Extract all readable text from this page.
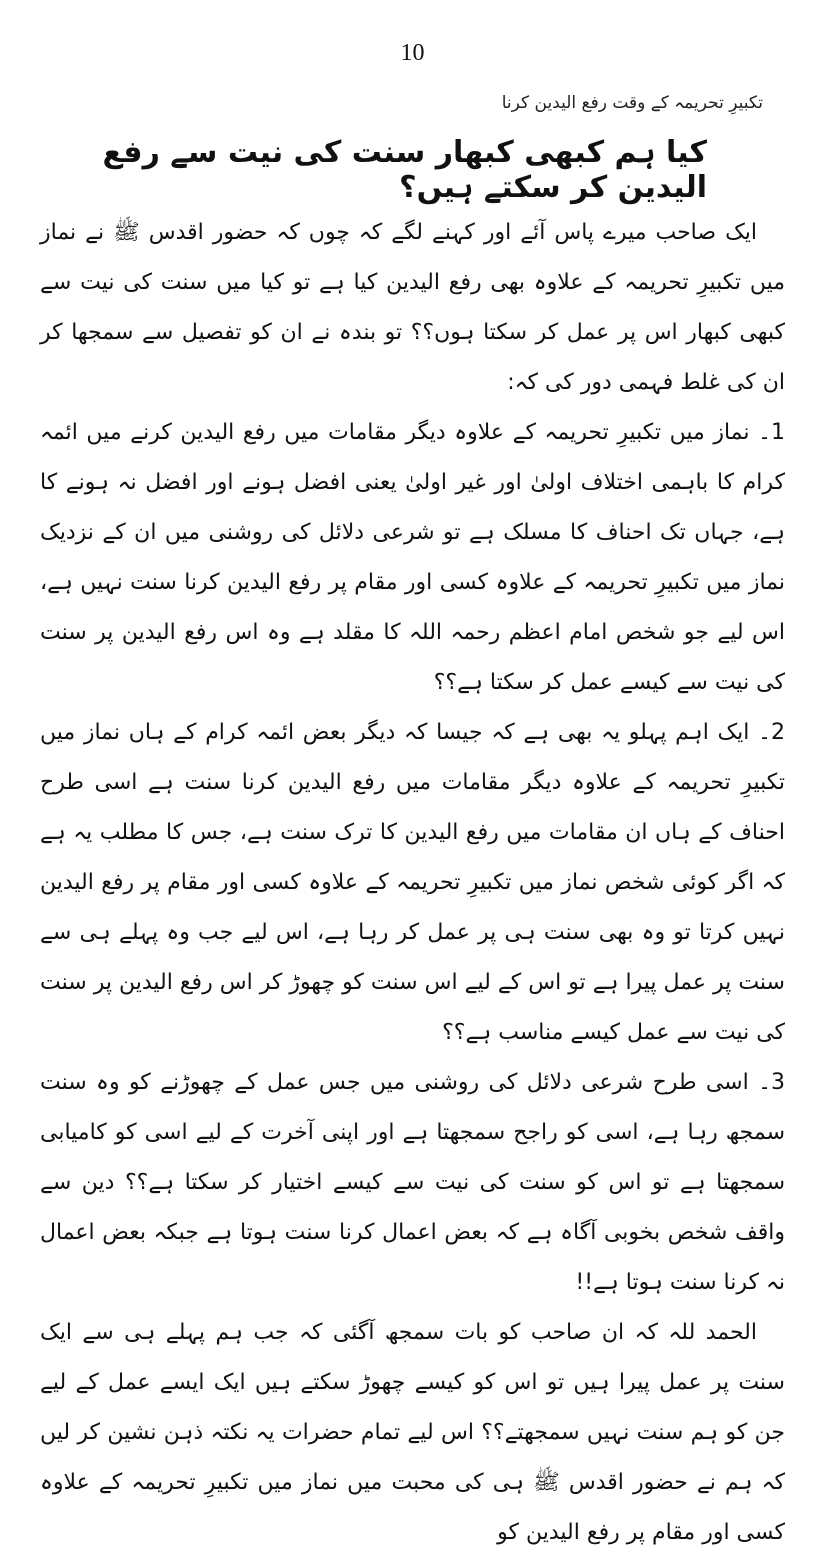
10
تکبیرِ تحریمہ کے وقت رفع الیدین کرنا
کیا ہم کبھی کبھار سنت کی نیت سے رفع الیدین کر سکتے ہیں؟

ایک صاحب میرے پاس آئے اور کہنے لگے کہ چوں کہ حضور اقدس ﷺ نے نماز میں تکبیرِ تحریمہ کے علاوہ بھی رفع الیدین کیا ہے تو کیا میں سنت کی نیت سے کبھی کبھار اس پر عمل کر سکتا ہوں؟؟ تو بندہ نے ان کو تفصیل سے سمجھا کر ان کی غلط فہمی دور کی کہ:

1۔ نماز میں تکبیرِ تحریمہ کے علاوہ دیگر مقامات میں رفع الیدین کرنے میں ائمہ کرام کا باہمی اختلاف اولیٰ اور غیر اولیٰ یعنی افضل ہونے اور افضل نہ ہونے کا ہے، جہاں تک احناف کا مسلک ہے تو شرعی دلائل کی روشنی میں ان کے نزدیک نماز میں تکبیرِ تحریمہ کے علاوہ کسی اور مقام پر رفع الیدین کرنا سنت نہیں ہے، اس لیے جو شخص امام اعظم رحمہ اللہ کا مقلد ہے وہ اس رفع الیدین پر سنت کی نیت سے کیسے عمل کر سکتا ہے؟؟

2۔ ایک اہم پہلو یہ بھی ہے کہ جیسا کہ دیگر بعض ائمہ کرام کے ہاں نماز میں تکبیرِ تحریمہ کے علاوہ دیگر مقامات میں رفع الیدین کرنا سنت ہے اسی طرح احناف کے ہاں ان مقامات میں رفع الیدین کا ترک سنت ہے، جس کا مطلب یہ ہے کہ اگر کوئی شخص نماز میں تکبیرِ تحریمہ کے علاوہ کسی اور مقام پر رفع الیدین نہیں کرتا تو وہ بھی سنت ہی پر عمل کر رہا ہے، اس لیے جب وہ پہلے ہی سے سنت پر عمل پیرا ہے تو اس کے لیے اس سنت کو چھوڑ کر اس رفع الیدین پر سنت کی نیت سے عمل کیسے مناسب ہے؟؟

3۔ اسی طرح شرعی دلائل کی روشنی میں جس عمل کے چھوڑنے کو وہ سنت سمجھ رہا ہے، اسی کو راجح سمجھتا ہے اور اپنی آخرت کے لیے اسی کو کامیابی سمجھتا ہے تو اس کو سنت کی نیت سے کیسے اختیار کر سکتا ہے؟؟ دین سے واقف شخص بخوبی آگاہ ہے کہ بعض اعمال کرنا سنت ہوتا ہے جبکہ بعض اعمال نہ کرنا سنت ہوتا ہے!!

الحمد للہ کہ ان صاحب کو بات سمجھ آگئی کہ جب ہم پہلے ہی سے ایک سنت پر عمل پیرا ہیں تو اس کو کیسے چھوڑ سکتے ہیں ایک ایسے عمل کے لیے جن کو ہم سنت نہیں سمجھتے؟؟ اس لیے تمام حضرات یہ نکتہ ذہن نشین کر لیں کہ ہم نے حضور اقدس ﷺ ہی کی محبت میں نماز میں تکبیرِ تحریمہ کے علاوہ کسی اور مقام پر رفع الیدین کو
